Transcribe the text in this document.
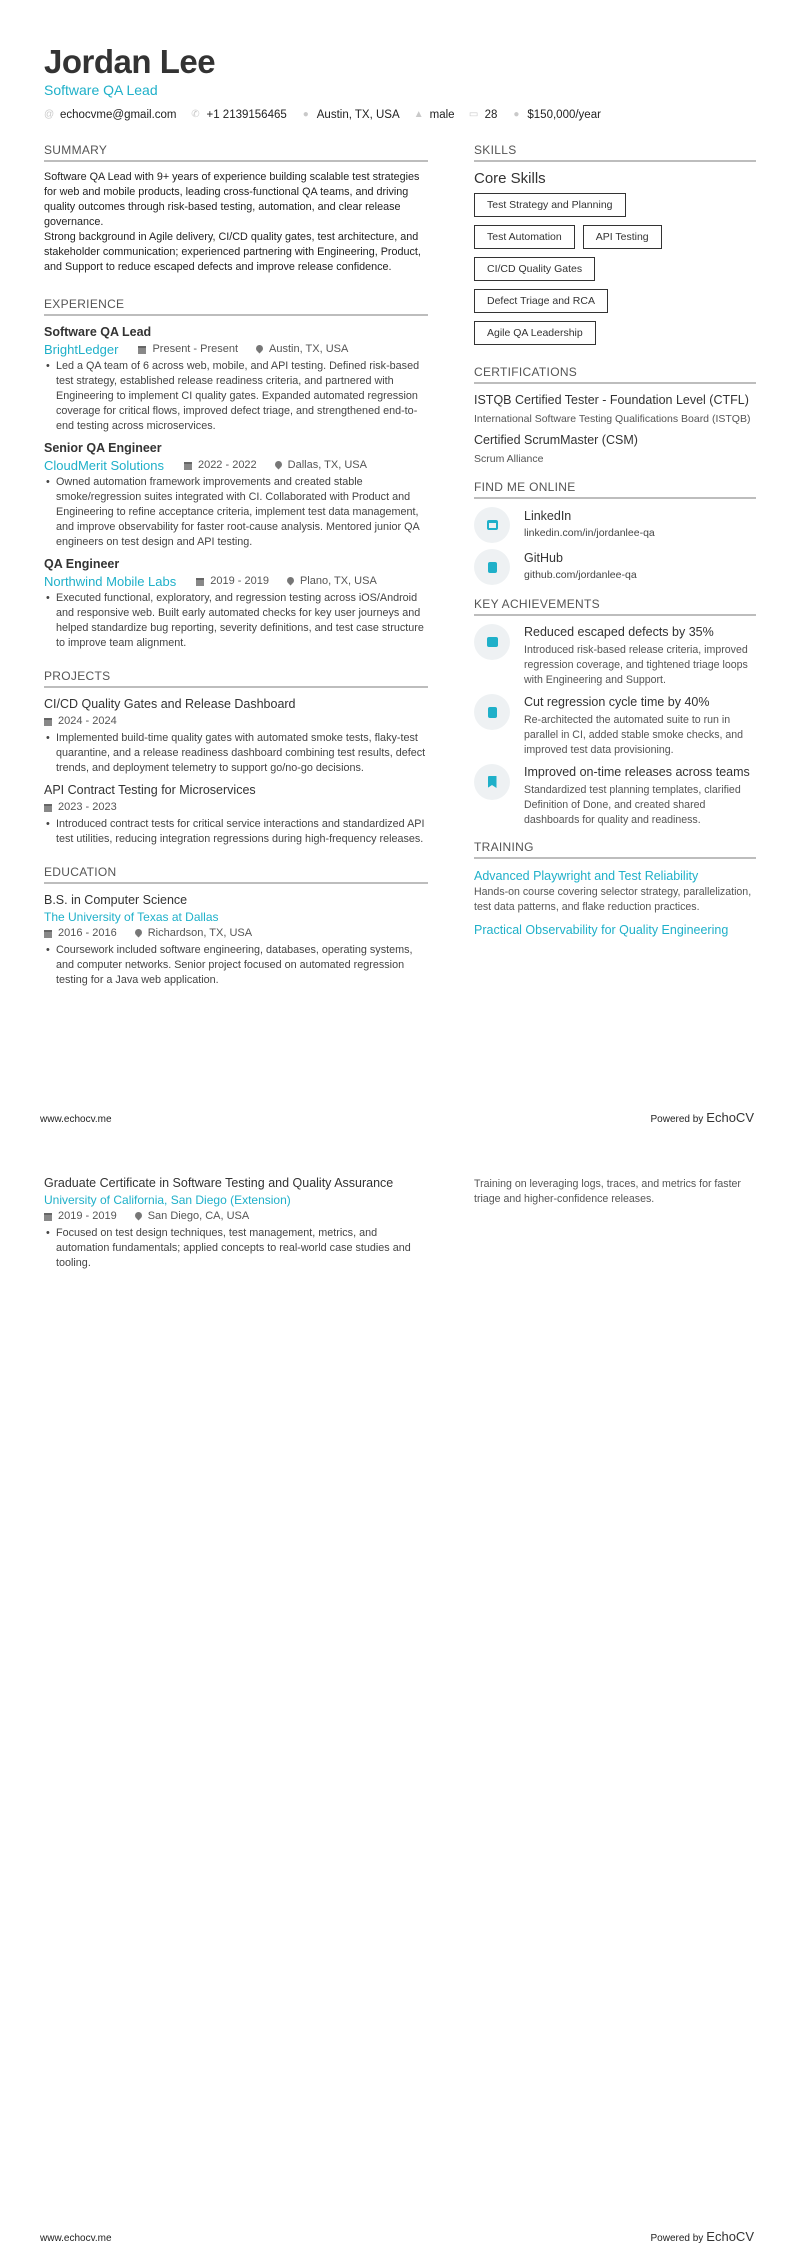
Jordan Lee
Software QA Lead
@ echocvme@gmail.com ✆ +1 2139156465 ● Austin, TX, USA ▲ male ▭ 28 ● $150,000/year
SUMMARY

Software QA Lead with 9+ years of experience building scalable test strategies for web and mobile products, leading cross-functional QA teams, and driving quality outcomes through risk-based testing, automation, and clear release governance.

Strong background in Agile delivery, CI/CD quality gates, test architecture, and stakeholder communication; experienced partnering with Engineering, Product, and Support to reduce escaped defects and improve release confidence.

EXPERIENCE
Software QA Lead
BrightLedger	Present - Present	Austin, TX, USA
• Led a QA team of 6 across web, mobile, and API testing. Defined risk-based test strategy, established release readiness criteria, and partnered with Engineering to implement CI quality gates. Expanded automated regression coverage for critical flows, improved defect triage, and strengthened end-to-end testing across microservices.
Senior QA Engineer
CloudMerit Solutions	2022 - 2022	Dallas, TX, USA
• Owned automation framework improvements and created stable smoke/regression suites integrated with CI. Collaborated with Product and Engineering to refine acceptance criteria, implement test data management, and improve observability for faster root-cause analysis. Mentored junior QA engineers on test design and API testing.
QA Engineer
Northwind Mobile Labs	2019 - 2019	Plano, TX, USA
• Executed functional, exploratory, and regression testing across iOS/Android and responsive web. Built early automated checks for key user journeys and helped standardize bug reporting, severity definitions, and test case structure to improve team alignment.
PROJECTS
CI/CD Quality Gates and Release Dashboard
2024 - 2024
• Implemented build-time quality gates with automated smoke tests, flaky-test quarantine, and a release readiness dashboard combining test results, defect trends, and deployment telemetry to support go/no-go decisions.
API Contract Testing for Microservices
2023 - 2023
• Introduced contract tests for critical service interactions and standardized API test utilities, reducing integration regressions during high-frequency releases.
EDUCATION
B.S. in Computer Science
The University of Texas at Dallas
2016 - 2016	Richardson, TX, USA
• Coursework included software engineering, databases, operating systems, and computer networks. Senior project focused on automated regression testing for a Java web application.
SKILLS
Core Skills
Test Strategy and Planning
Test Automation	API Testing
CI/CD Quality Gates
Defect Triage and RCA
Agile QA Leadership
CERTIFICATIONS
ISTQB Certified Tester - Foundation Level (CTFL)
International Software Testing Qualifications Board (ISTQB)
Certified ScrumMaster (CSM)
Scrum Alliance
FIND ME ONLINE
LinkedIn
linkedin.com/in/jordanlee-qa
GitHub
github.com/jordanlee-qa
KEY ACHIEVEMENTS
Reduced escaped defects by 35%
Introduced risk-based release criteria, improved regression coverage, and tightened triage loops with Engineering and Support.
Cut regression cycle time by 40%
Re-architected the automated suite to run in parallel in CI, added stable smoke checks, and improved test data provisioning.
Improved on-time releases across teams
Standardized test planning templates, clarified Definition of Done, and created shared dashboards for quality and readiness.
TRAINING
Advanced Playwright and Test Reliability
Hands-on course covering selector strategy, parallelization, test data patterns, and flake reduction practices.
Practical Observability for Quality Engineering
www.echocv.me	Powered by EchoCV
Graduate Certificate in Software Testing and Quality Assurance
University of California, San Diego (Extension)
2019 - 2019	San Diego, CA, USA
• Focused on test design techniques, test management, metrics, and automation fundamentals; applied concepts to real-world case studies and tooling.
Training on leveraging logs, traces, and metrics for faster triage and higher-confidence releases.
www.echocv.me	Powered by EchoCV
